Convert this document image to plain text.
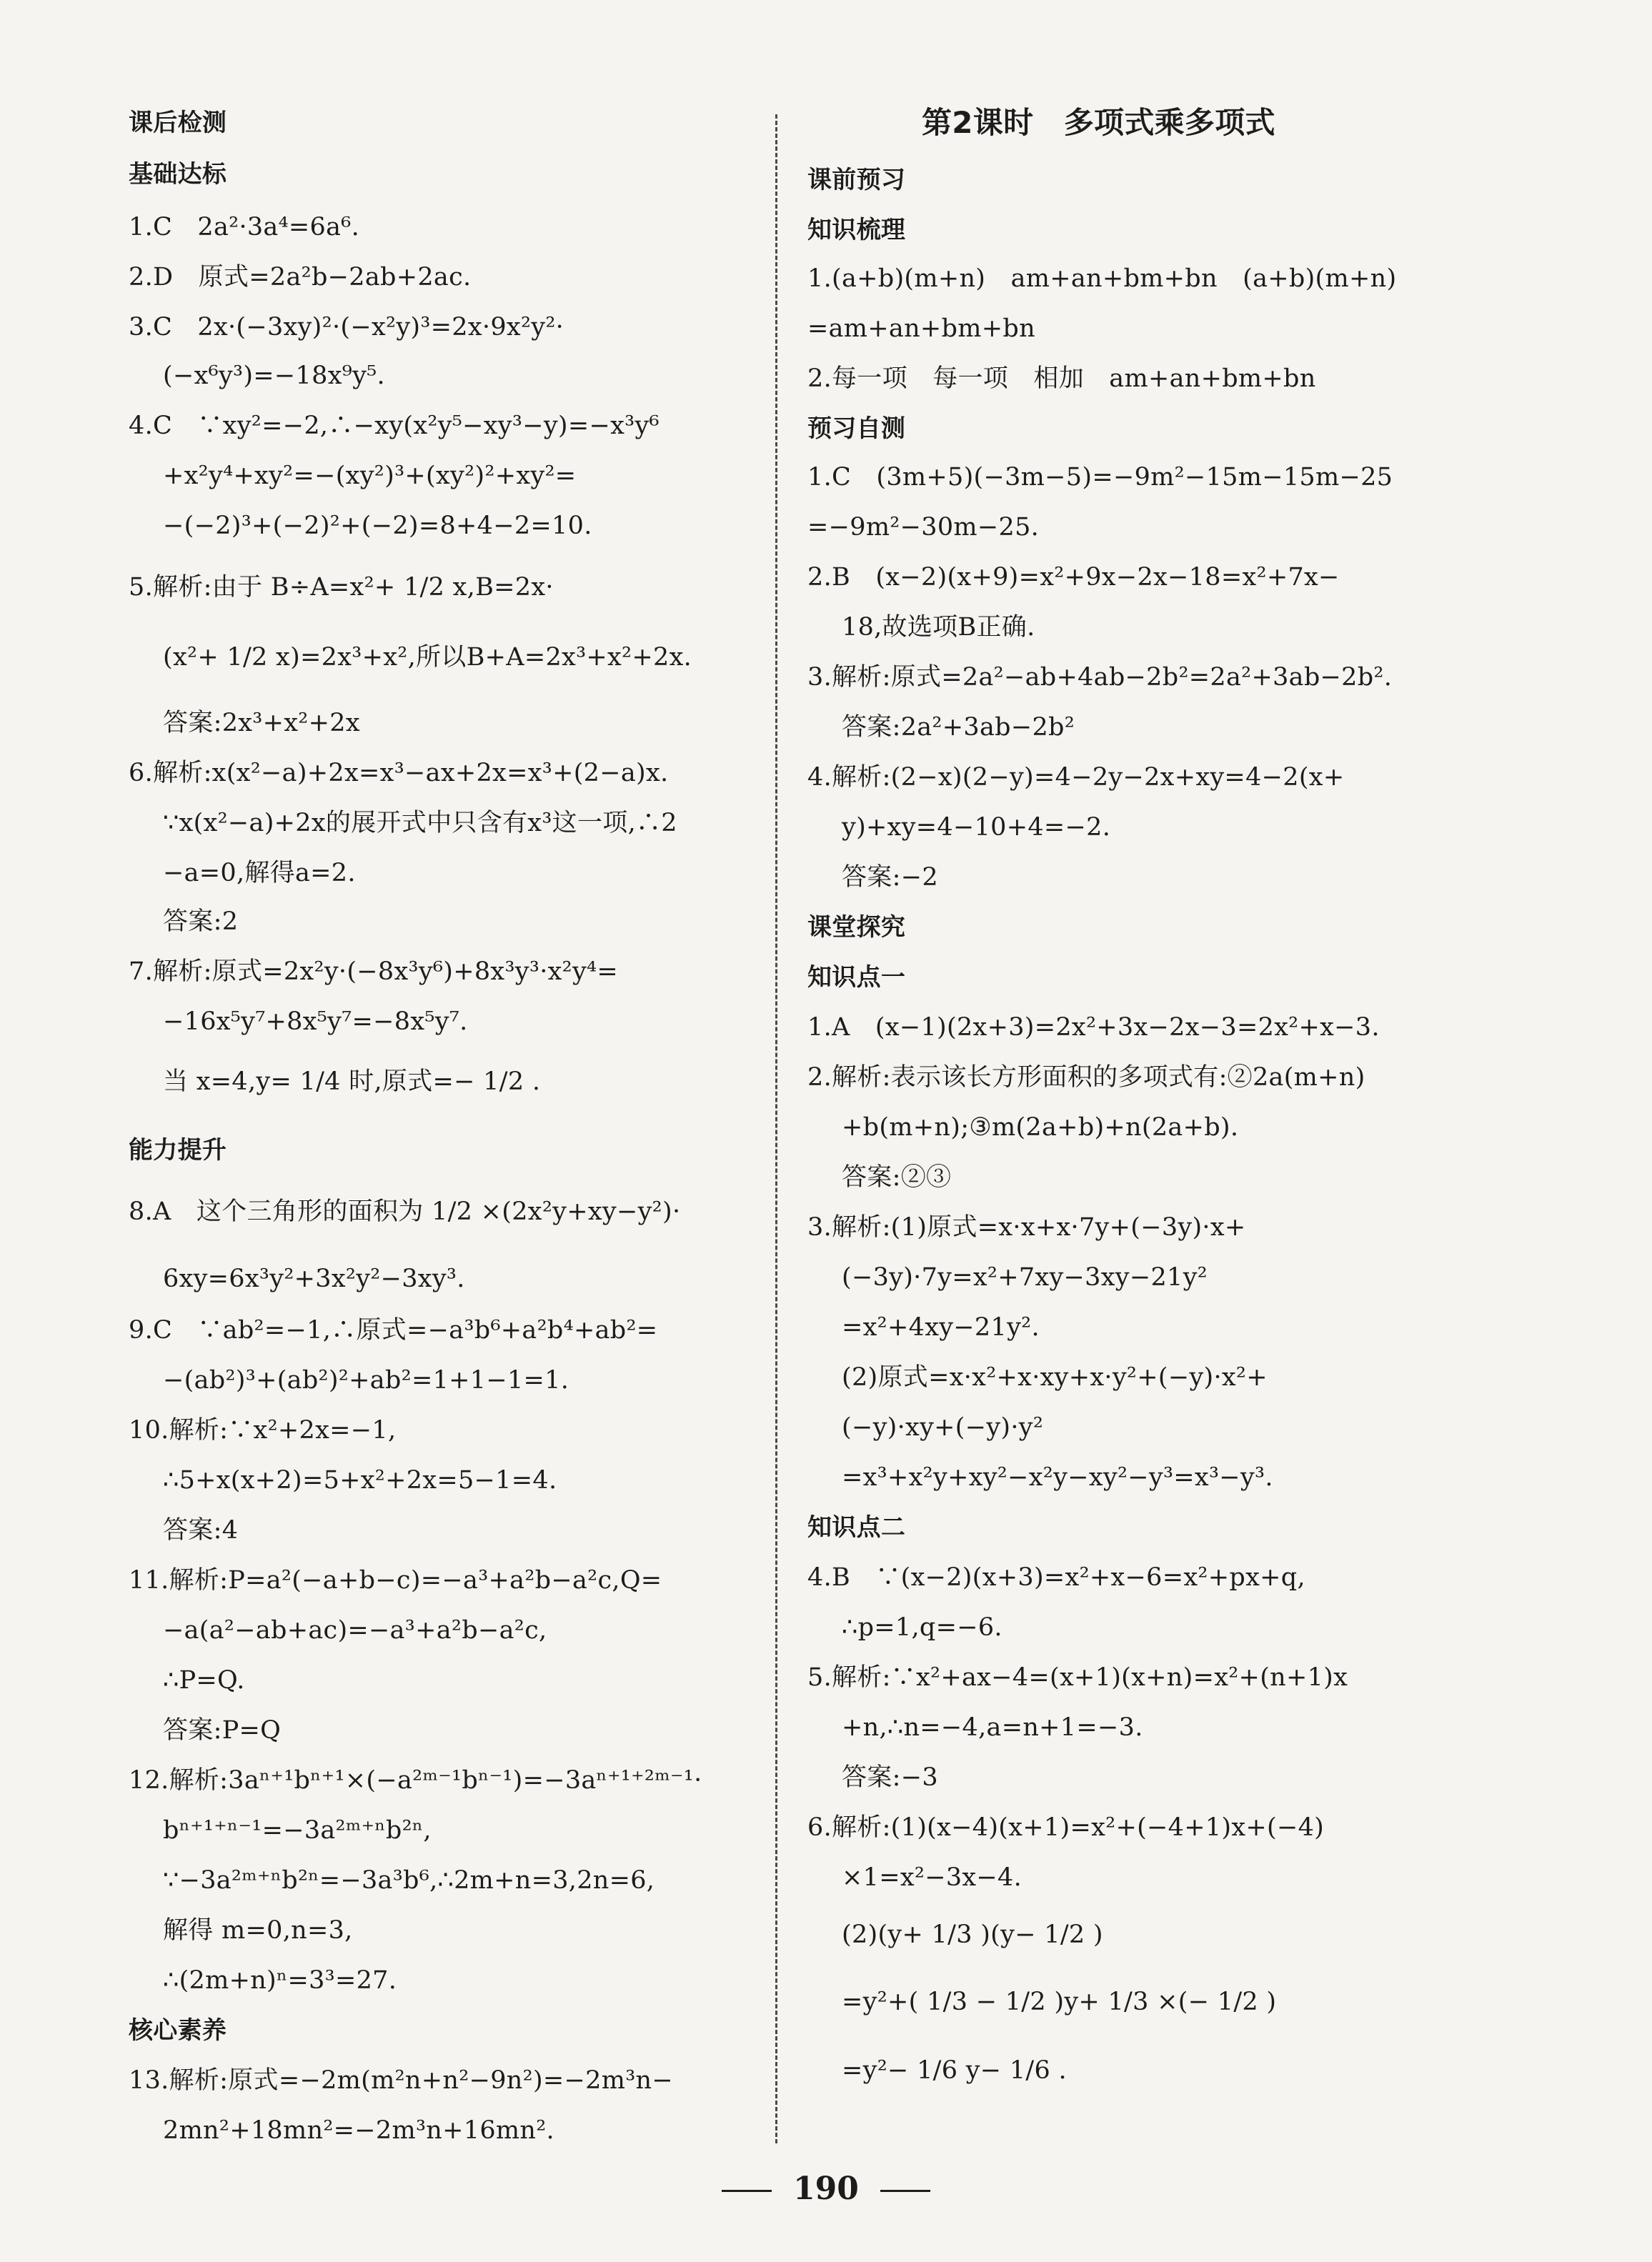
课后检测
基础达标
1.C　2a²·3a⁴=6a⁶.
2.D　原式=2a²b−2ab+2ac.
3.C　2x·(−3xy)²·(−x²y)³=2x·9x²y²·
(−x⁶y³)=−18x⁹y⁵.
4.C　∵xy²=−2,∴−xy(x²y⁵−xy³−y)=−x³y⁶
+x²y⁴+xy²=−(xy²)³+(xy²)²+xy²=
−(−2)³+(−2)²+(−2)=8+4−2=10.
5.解析:由于 B÷A=x²+ 1/2 x,B=2x·
(x²+ 1/2 x)=2x³+x²,所以B+A=2x³+x²+2x.
答案:2x³+x²+2x
6.解析:x(x²−a)+2x=x³−ax+2x=x³+(2−a)x.
∵x(x²−a)+2x的展开式中只含有x³这一项,∴2
−a=0,解得a=2.
答案:2
7.解析:原式=2x²y·(−8x³y⁶)+8x³y³·x²y⁴=
−16x⁵y⁷+8x⁵y⁷=−8x⁵y⁷.
当 x=4,y= 1/4 时,原式=− 1/2 .
能力提升
8.A　这个三角形的面积为 1/2 ×(2x²y+xy−y²)·
6xy=6x³y²+3x²y²−3xy³.
9.C　∵ab²=−1,∴原式=−a³b⁶+a²b⁴+ab²=
−(ab²)³+(ab²)²+ab²=1+1−1=1.
10.解析:∵x²+2x=−1,
∴5+x(x+2)=5+x²+2x=5−1=4.
答案:4
11.解析:P=a²(−a+b−c)=−a³+a²b−a²c,Q=
−a(a²−ab+ac)=−a³+a²b−a²c,
∴P=Q.
答案:P=Q
12.解析:3aⁿ⁺¹bⁿ⁺¹×(−a²ᵐ⁻¹bⁿ⁻¹)=−3aⁿ⁺¹⁺²ᵐ⁻¹·
bⁿ⁺¹⁺ⁿ⁻¹=−3a²ᵐ⁺ⁿb²ⁿ,
∵−3a²ᵐ⁺ⁿb²ⁿ=−3a³b⁶,∴2m+n=3,2n=6,
解得 m=0,n=3,
∴(2m+n)ⁿ=3³=27.
核心素养
13.解析:原式=−2m(m²n+n²−9n²)=−2m³n−
2mn²+18mn²=−2m³n+16mn².
第2课时　多项式乘多项式
课前预习
知识梳理
1.(a+b)(m+n)　am+an+bm+bn　(a+b)(m+n)
=am+an+bm+bn
2.每一项　每一项　相加　am+an+bm+bn
预习自测
1.C　(3m+5)(−3m−5)=−9m²−15m−15m−25
=−9m²−30m−25.
2.B　(x−2)(x+9)=x²+9x−2x−18=x²+7x−
18,故选项B正确.
3.解析:原式=2a²−ab+4ab−2b²=2a²+3ab−2b².
答案:2a²+3ab−2b²
4.解析:(2−x)(2−y)=4−2y−2x+xy=4−2(x+
y)+xy=4−10+4=−2.
答案:−2
课堂探究
知识点一
1.A　(x−1)(2x+3)=2x²+3x−2x−3=2x²+x−3.
2.解析:表示该长方形面积的多项式有:②2a(m+n)
+b(m+n);③m(2a+b)+n(2a+b).
答案:②③
3.解析:(1)原式=x·x+x·7y+(−3y)·x+
(−3y)·7y=x²+7xy−3xy−21y²
=x²+4xy−21y².
(2)原式=x·x²+x·xy+x·y²+(−y)·x²+
(−y)·xy+(−y)·y²
=x³+x²y+xy²−x²y−xy²−y³=x³−y³.
知识点二
4.B　∵(x−2)(x+3)=x²+x−6=x²+px+q,
∴p=1,q=−6.
5.解析:∵x²+ax−4=(x+1)(x+n)=x²+(n+1)x
+n,∴n=−4,a=n+1=−3.
答案:−3
6.解析:(1)(x−4)(x+1)=x²+(−4+1)x+(−4)
×1=x²−3x−4.
(2)(y+ 1/3 )(y− 1/2 )
=y²+( 1/3 − 1/2 )y+ 1/3 ×(− 1/2 )
=y²− 1/6 y− 1/6 .
190
